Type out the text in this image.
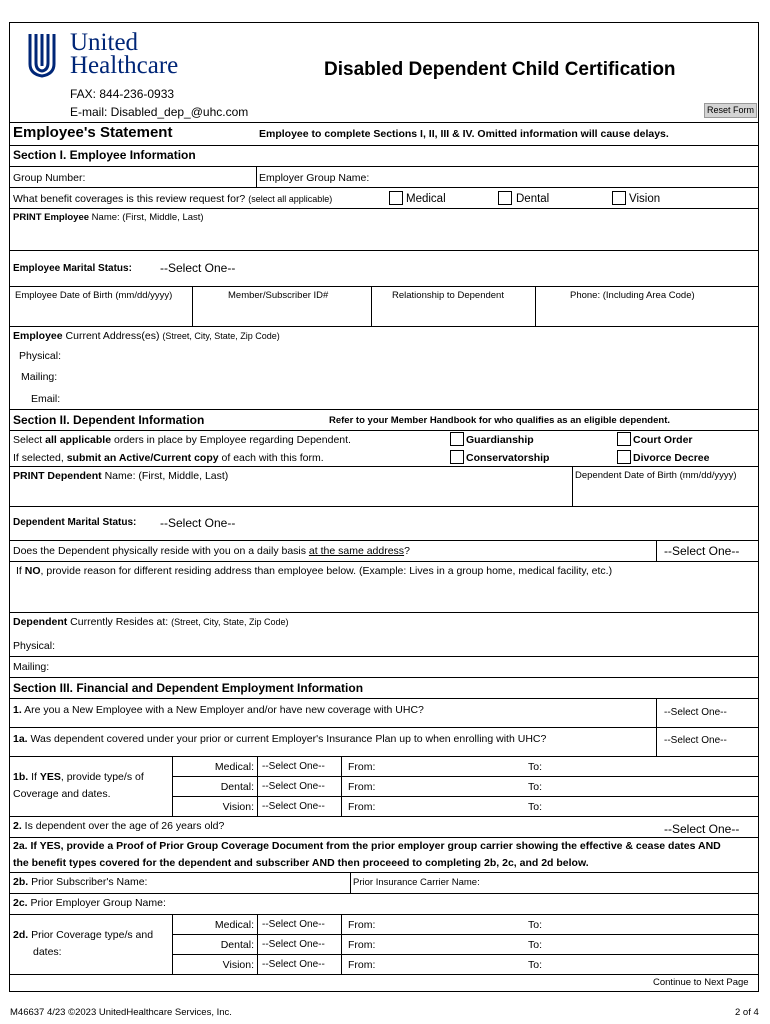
United
Healthcare	Disabled Dependent Child Certification
FAX: 844-236-0933
E-mail: Disabled_dep_@uhc.com	Reset Form
Employee's Statement	Employee to complete Sections I, II, III & IV. Omitted information will cause delays.
Section I. Employee Information
Group Number:	Employer Group Name:
What benefit coverages is this review request for? (select all applicable)	Medical	Dental	Vision
PRINT Employee Name: (First, Middle, Last)
Employee Marital Status: --Select One--
Employee Date of Birth (mm/dd/yyyy)	Member/Subscriber ID#	Relationship to Dependent	Phone: (Including Area Code)
Employee Current Address(es) (Street, City, State, Zip Code)
Physical:
Mailing:
Email:
Section II. Dependent Information	Refer to your Member Handbook for who qualifies as an eligible dependent.
Select all applicable orders in place by Employee regarding Dependent.
If selected, submit an Active/Current copy of each with this form.
Guardianship	Court Order
Conservatorship	Divorce Decree
PRINT Dependent Name: (First, Middle, Last)	Dependent Date of Birth (mm/dd/yyyy)
Dependent Marital Status: --Select One--
Does the Dependent physically reside with you on a daily basis at the same address?	--Select One--
If NO, provide reason for different residing address than employee below. (Example: Lives in a group home, medical facility, etc.)
Dependent Currently Resides at: (Street, City, State, Zip Code)
Physical:
Mailing:
Section III. Financial and Dependent Employment Information
1. Are you a New Employee with a New Employer and/or have new coverage with UHC?	--Select One--
1a. Was dependent covered under your prior or current Employer's Insurance Plan up to when enrolling with UHC?	--Select One--
1b. If YES, provide type/s of
Coverage and dates.
Medical: --Select One-- From:	To:
Dental: --Select One-- From:	To:
Vision: --Select One-- From:	To:
2. Is dependent over the age of 26 years old?	--Select One--
2a. If YES, provide a Proof of Prior Group Coverage Document from the prior employer group carrier showing the effective & cease dates AND
the benefit types covered for the dependent and subscriber AND then proceeed to completing 2b, 2c, and 2d below.
2b. Prior Subscriber's Name:	Prior Insurance Carrier Name:
2c. Prior Employer Group Name:
2d. Prior Coverage type/s and
dates:
Medical: --Select One-- From:	To:
Dental: --Select One-- From:	To:
Vision: --Select One-- From:	To:
Continue to Next Page
M46637 4/23 ©2023 UnitedHealthcare Services, Inc.	2 of 4
